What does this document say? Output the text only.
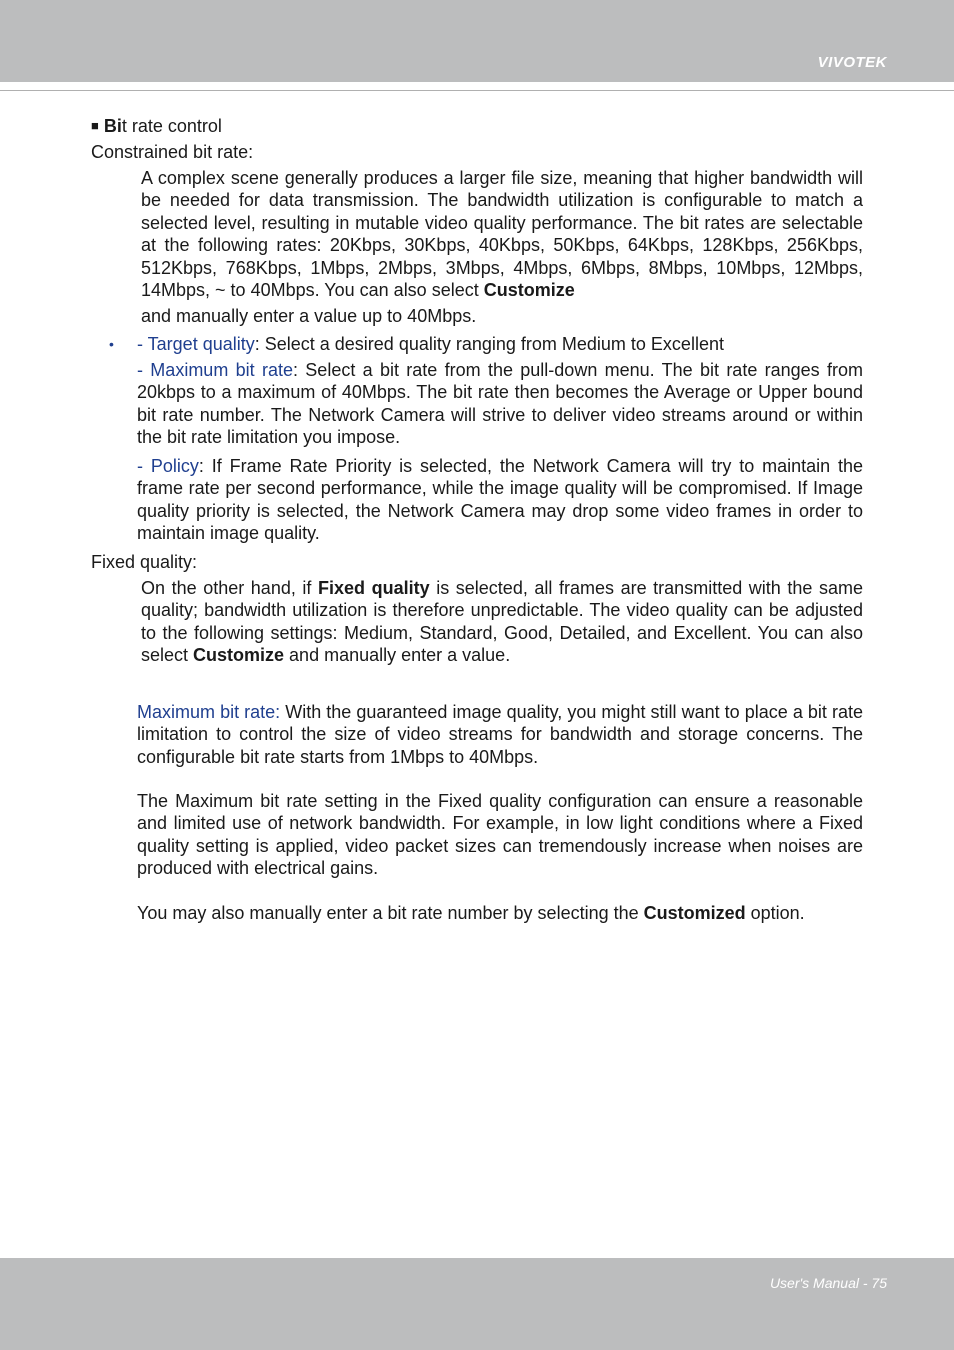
VIVOTEK
■ Bit rate control
Constrained bit rate:
A complex scene generally produces a larger file size, meaning that higher bandwidth will be needed for data transmission. The bandwidth utilization is configurable to match a selected level, resulting in mutable video quality performance. The bit rates are selectable at the following rates: 20Kbps, 30Kbps, 40Kbps, 50Kbps, 64Kbps, 128Kbps, 256Kbps, 512Kbps, 768Kbps, 1Mbps, 2Mbps, 3Mbps, 4Mbps, 6Mbps, 8Mbps, 10Mbps, 12Mbps, 14Mbps, ~ to 40Mbps. You can also select Customize
and manually enter a value up to 40Mbps.
• - Target quality: Select a desired quality ranging from Medium to Excellent
- Maximum bit rate: Select a bit rate from the pull-down menu. The bit rate ranges from 20kbps to a maximum of 40Mbps. The bit rate then becomes the Average or Upper bound bit rate number. The Network Camera will strive to deliver video streams around or within the bit rate limitation you impose.
- Policy: If Frame Rate Priority is selected, the Network Camera will try to maintain the frame rate per second performance, while the image quality will be compromised. If Image quality priority is selected, the Network Camera may drop some video frames in order to maintain image quality.
Fixed quality:
On the other hand, if Fixed quality is selected, all frames are transmitted with the same quality; bandwidth utilization is therefore unpredictable. The video quality can be adjusted to the following settings: Medium, Standard, Good, Detailed, and Excellent. You can also select Customize and manually enter a value.
Maximum bit rate: With the guaranteed image quality, you might still want to place a bit rate limitation to control the size of video streams for bandwidth and storage concerns. The configurable bit rate starts from 1Mbps to 40Mbps.
The Maximum bit rate setting in the Fixed quality configuration can ensure a reasonable and limited use of network bandwidth. For example, in low light conditions where a Fixed quality setting is applied, video packet sizes can tremendously increase when noises are produced with electrical gains.
You may also manually enter a bit rate number by selecting the Customized option.
User's Manual - 75
